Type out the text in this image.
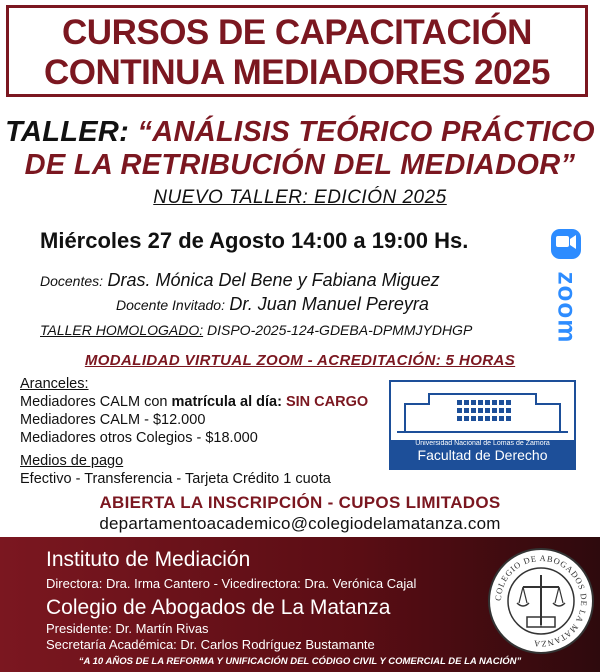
CURSOS DE CAPACITACIÓN
CONTINUA MEDIADORES 2025
TALLER: “ANÁLISIS TEÓRICO PRÁCTICO
DE LA RETRIBUCIÓN DEL MEDIADOR”
NUEVO TALLER: EDICIÓN 2025
Miércoles 27 de Agosto 14:00 a 19:00 Hs.
Docentes: Dras. Mónica Del Bene y Fabiana Miguez
Docente Invitado: Dr. Juan Manuel Pereyra
TALLER HOMOLOGADO: DISPO-2025-124-GDEBA-DPMMJYDHGP	zoom
MODALIDAD VIRTUAL ZOOM - ACREDITACIÓN: 5 HORAS
Aranceles:
Mediadores CALM con matrícula al día: SIN CARGO
Mediadores CALM - $12.000
Mediadores otros Colegios - $18.000
Medios de pago
Efectivo - Transferencia - Tarjeta Crédito 1 cuota
Universidad Nacional de Lomas de Zamora
Facultad de Derecho
ABIERTA LA INSCRIPCIÓN - CUPOS LIMITADOS
departamentoacademico@colegiodelamatanza.com
Instituto de Mediación
Directora: Dra. Irma Cantero - Vicedirectora: Dra. Verónica Cajal
Colegio de Abogados de La Matanza
Presidente: Dr. Martín Rivas
Secretaría Académica: Dr. Carlos Rodríguez Bustamante
“A 10 AÑOS DE LA REFORMA Y UNIFICACIÓN DEL CÓDIGO CIVIL Y COMERCIAL DE LA NACIÓN”
COLEGIO DE ABOGADOS DE LA MATANZA
